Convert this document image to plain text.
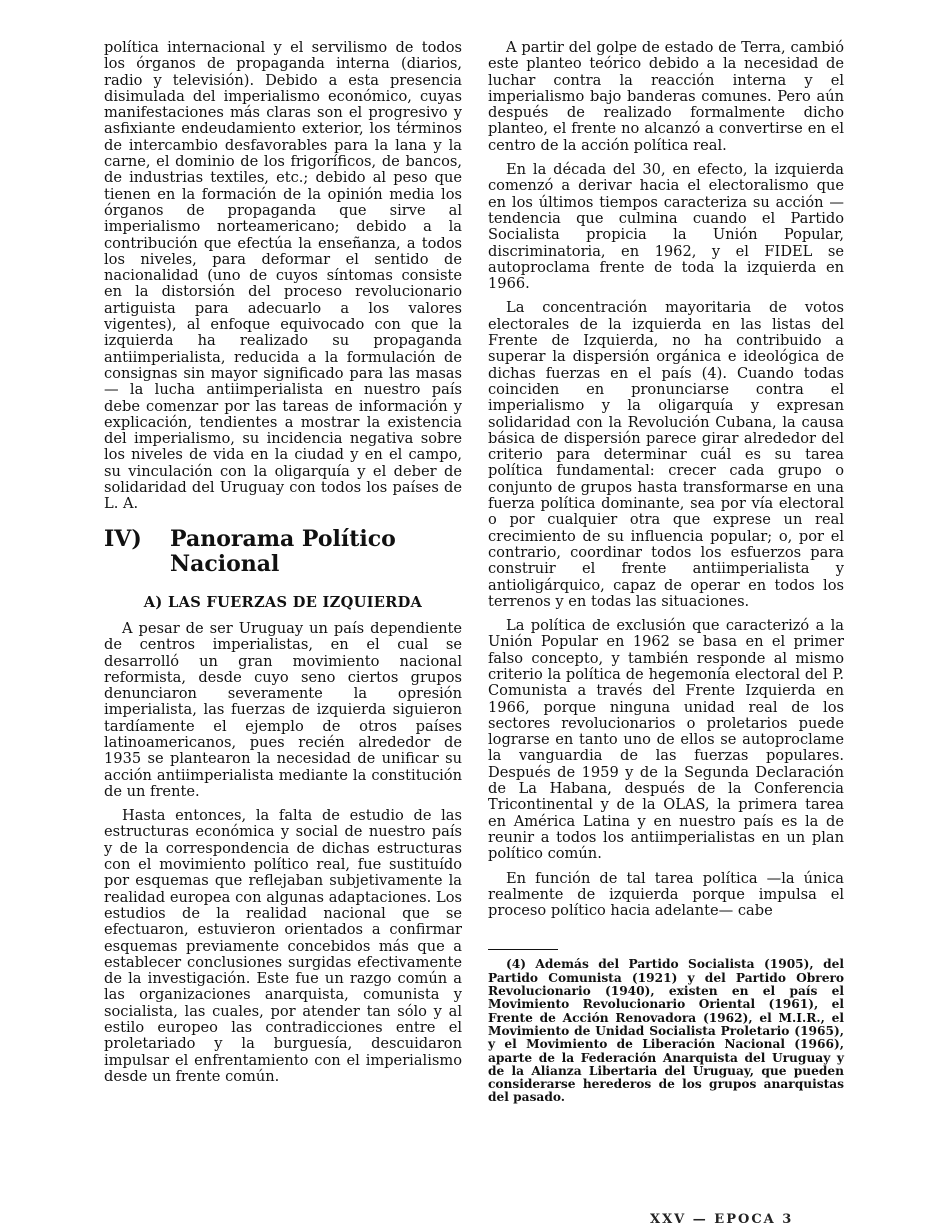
política internacional y el servilismo de todos los órganos de propaganda interna (diarios, radio y televisión). Debido a esta presencia disimulada del imperialismo económico, cuyas manifestaciones más claras son el progresivo y asfixiante endeudamiento exterior, los términos de intercambio desfavorables para la lana y la carne, el dominio de los frigoríficos, de bancos, de industrias textiles, etc.; debido al peso que tienen en la formación de la opinión media los órganos de propaganda que sirve al imperialismo norteamericano; debido a la contribución que efectúa la enseñanza, a todos los niveles, para deformar el sentido de nacionalidad (uno de cuyos síntomas consiste en la distorsión del proceso revolucionario artiguista para adecuarlo a los valores vigentes), al enfoque equivocado con que la izquierda ha realizado su propaganda antiimperialista, reducida a la formulación de consignas sin mayor significado para las masas — la lucha antiimperialista en nuestro país debe comenzar por las tareas de información y explicación, tendientes a mostrar la existencia del imperialismo, su incidencia negativa sobre los niveles de vida en la ciudad y en el campo, su vinculación con la oligarquía y el deber de solidaridad del Uruguay con todos los países de L. A.

IV)	Panorama Político
Nacional
A) LAS FUERZAS DE IZQUIERDA

A pesar de ser Uruguay un país dependiente de centros imperialistas, en el cual se desarrolló un gran movimiento nacional reformista, desde cuyo seno ciertos grupos denunciaron severamente la opresión imperialista, las fuerzas de izquierda siguieron tardíamente el ejemplo de otros países latinoamericanos, pues recién alrededor de 1935 se plantearon la necesidad de unificar su acción antiimperialista mediante la constitución de un frente.

Hasta entonces, la falta de estudio de las estructuras económica y social de nuestro país y de la correspondencia de dichas estructuras con el movimiento político real, fue sustituído por esquemas que reflejaban subjetivamente la realidad europea con algunas adaptaciones. Los estudios de la realidad nacional que se efectuaron, estuvieron orientados a confirmar esquemas previamente concebidos más que a establecer conclusiones surgidas efectivamente de la investigación. Este fue un razgo común a las organizaciones anarquista, comunista y socialista, las cuales, por atender tan sólo y al estilo europeo las contradicciones entre el proletariado y la burguesía, descuidaron impulsar el enfrentamiento con el imperialismo desde un frente común.

A partir del golpe de estado de Terra, cambió este planteo teórico debido a la necesidad de luchar contra la reacción interna y el imperialismo bajo banderas comunes. Pero aún después de realizado formalmente dicho planteo, el frente no alcanzó a convertirse en el centro de la acción política real.

En la década del 30, en efecto, la izquierda comenzó a derivar hacia el electoralismo que en los últimos tiempos caracteriza su acción — tendencia que culmina cuando el Partido Socialista propicia la Unión Popular, discriminatoria, en 1962, y el FIDEL se autoproclama frente de toda la izquierda en 1966.

La concentración mayoritaria de votos electorales de la izquierda en las listas del Frente de Izquierda, no ha contribuido a superar la dispersión orgánica e ideológica de dichas fuerzas en el país (4). Cuando todas coinciden en pronunciarse contra el imperialismo y la oligarquía y expresan solidaridad con la Revolución Cubana, la causa básica de dispersión parece girar alrededor del criterio para determinar cuál es su tarea política fundamental: crecer cada grupo o conjunto de grupos hasta transformarse en una fuerza política dominante, sea por vía electoral o por cualquier otra que exprese un real crecimiento de su influencia popular; o, por el contrario, coordinar todos los esfuerzos para construir el frente antiimperialista y antioligárquico, capaz de operar en todos los terrenos y en todas las situaciones.

La política de exclusión que caracterizó a la Unión Popular en 1962 se basa en el primer falso concepto, y también responde al mismo criterio la política de hegemonía electoral del P. Comunista a través del Frente Izquierda en 1966, porque ninguna unidad real de los sectores revolucionarios o proletarios puede lograrse en tanto uno de ellos se autoproclame la vanguardia de las fuerzas populares. Después de 1959 y de la Segunda Declaración de La Habana, después de la Conferencia Tricontinental y de la OLAS, la primera tarea en América Latina y en nuestro país es la de reunir a todos los antiimperialistas en un plan político común.

En función de tal tarea política —la única realmente de izquierda porque impulsa el proceso político hacia adelante— cabe

(4) Además del Partido Socialista (1905), del Partido Comunista (1921) y del Partido Obrero Revolucionario (1940), existen en el país el Movimiento Revolucionario Oriental (1961), el Frente de Acción Renovadora (1962), el M.I.R., el Movimiento de Unidad Socialista Proletario (1965), y el Movimiento de Liberación Nacional (1966), aparte de la Federación Anarquista del Uruguay y de la Alianza Libertaria del Uruguay, que pueden considerarse herederos de los grupos anarquistas del pasado.

XXV — EPOCA 3
